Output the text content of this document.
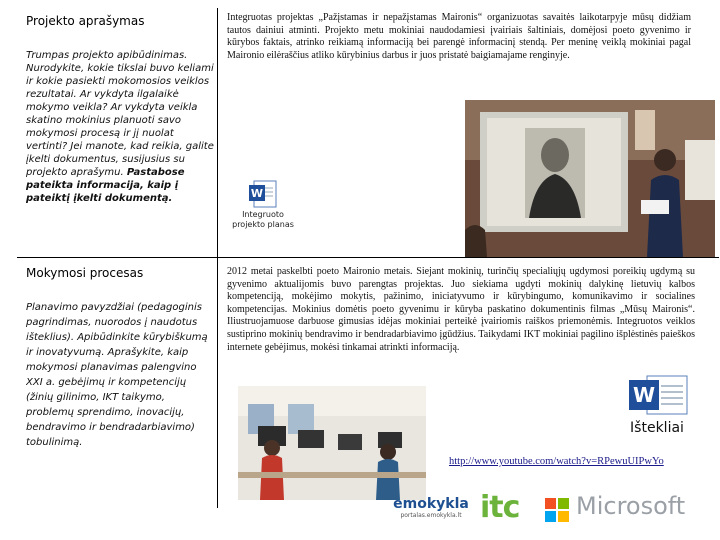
Projekto aprašymas

Trumpas projekto apibūdinimas. Nurodykite, kokie tikslai buvo keliami ir kokie pasiekti mokomosios veiklos rezultatai. Ar vykdyta ilgalaikė mokymo veikla? Ar vykdyta veikla skatino mokinius planuoti savo mokymosi procesą ir jį nuolat vertinti? Jei manote, kad reikia, galite įkelti dokumentus, susijusius su projekto aprašymu. Pastabose pateikta informacija, kaip į pateiktį įkelti dokumentą.

Integruotas projektas „Pažįstamas ir nepažįstamas Maironis“ organizuotas savaitės laikotarpyje mūsų didžiam tautos dainiui atminti. Projekto metu mokiniai naudodamiesi įvairiais šaltiniais, domėjosi poeto gyvenimo ir kūrybos faktais, atrinko reikiamą informaciją bei parengė informacinį stendą. Per meninę veiklą mokiniai pagal Maironio eilėraščius atliko kūrybinius darbus ir juos pristatė baigiamajame renginyje.

W
Integruoto projekto planas

Mokymosi procesas

Planavimo pavyzdžiai (pedagoginis pagrindimas, nuorodos į naudotus išteklius). Apibūdinkite kūrybiškumą ir inovatyvumą. Aprašykite, kaip mokymosi planavimas palengvino XXI a. gebėjimų ir kompetencijų (žinių gilinimo, IKT taikymo, problemų sprendimo, inovacijų, bendravimo ir bendradarbiavimo) tobulinimą.

2012 metai paskelbti poeto Maironio metais. Siejant mokinių, turinčių specialiųjų ugdymosi poreikių ugdymą su gyvenimo aktualijomis buvo parengtas projektas. Juo siekiama ugdyti mokinių dalykinę lietuvių kalbos kompetenciją, mokėjimo mokytis, pažinimo, iniciatyvumo ir kūrybingumo, komunikavimo ir socialines kompetencijas. Mokinius domėtis poeto gyvenimu ir kūryba paskatino dokumentinis filmas „Mūsų Maironis“. Iliustruojamuose darbuose gimusias idėjas mokiniai perteikė įvairiomis raiškos priemonėmis. Integruotos veiklos sustiprino mokinių bendravimo ir bendradarbiavimo įgūdžius. Taikydami IKT mokiniai pagilino išplėstinės paieškos internete gebėjimus, mokėsi tinkamai atrinkti informaciją.

W
Ištekliai
http://www.youtube.com/watch?v=RPewuUIPwYo
emokykla
portalas.emokykla.lt itc Microsoft
